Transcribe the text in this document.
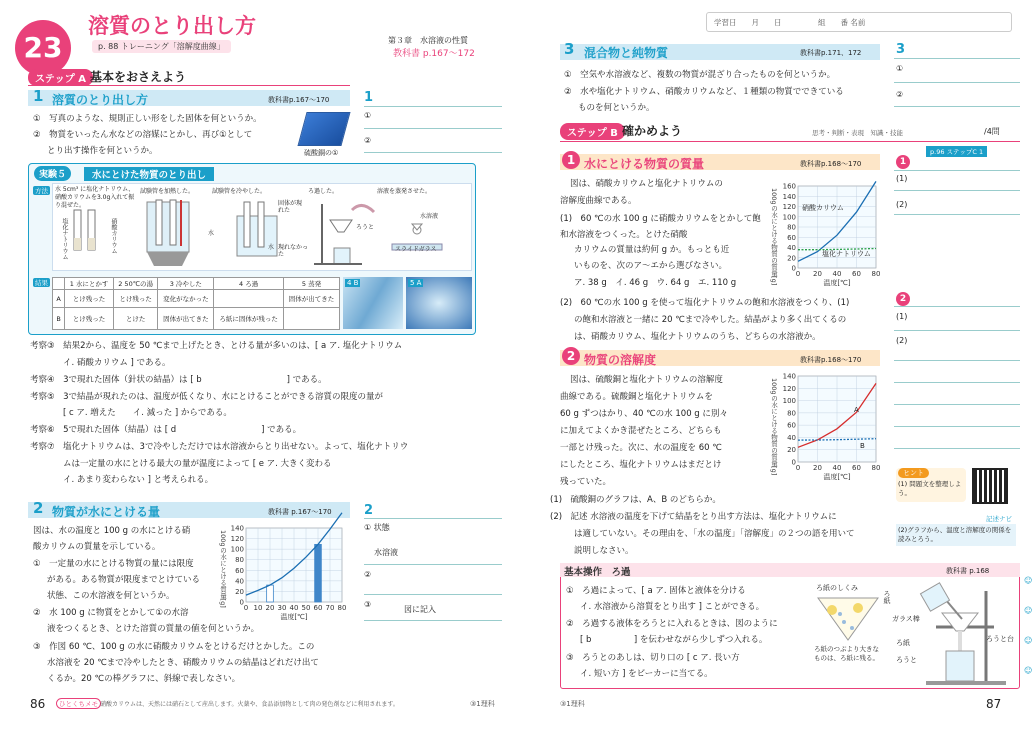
23
溶質のとり出し方
p. 88 トレーニング「溶解度曲線」
第３章　水溶液の性質
教科書 p.167～172
ステップ A 基本をおさえよう
1 溶質のとり出し方	教科書p.167～170
①　写真のような、規則正しい形をした固体を何というか。
②　物質をいったん水などの溶媒にとかし、再び①として
とり出す操作を何というか。	硫酸銅の①
1
①
②
実験５	水にとけた物質のとり出し
方法	水 5cm³ に塩化ナトリウム、硝酸カリウムを3.0g入れて振り混ぜた。
試験管を加熱した。	試験管を冷やした。	ろ過した。	溶液を蒸発させた。
塩化ナトリウム	硝酸カリウム	水
水
固体が現れた
現れなかった
ろうと
水溶液
スライドガラス
結果
		1 水にとかす	2 50℃の湯	3 冷やした	4 ろ過	5 蒸発
A	とけ残った	とけ残った	変化がなかった		固体が出てきた
B	とけ残った	とけた	固体が出てきた	ろ紙に固体が残った	
4 B	5 A
考察③　結果2から、温度を 50 ℃まで上げたとき、とける量が多いのは、[ a ア. 塩化ナトリウム
イ. 硝酸カリウム ] である。
考察④　3で現れた固体（針状の結晶）は [ b　　　　　　　　　　] である。
考察⑤　3で結晶が現れたのは、温度が低くなり、水にとけることができる溶質の限度の量が
[ c ア. 増えた　　イ. 減った ] からである。
考察⑥　5で現れた固体（結晶）は [ d　　　　　　　　　　] である。
考察⑦　塩化ナトリウムは、3で冷やしただけでは水溶液からとり出せない。よって、塩化ナトリウ
ムは一定量の水にとける最大の量が温度によって [ e ア. 大きく変わる
イ. あまり変わらない ] と考えられる。
2 物質が水にとける量	教科書 p.167～170
図は、水の温度と 100 g の水にとける硝
酸カリウムの質量を示している。
①　一定量の水にとける物質の量には限度
がある。ある物質が限度までとけている
状態、この水溶液を何というか。
②　水 100 g に物質をとかして①の水溶
液をつくるとき、とけた溶質の質量の値を何というか。
③　作図 60 ℃、100 g の水に硝酸カリウムをとけるだけとかした。この
水溶液を 20 ℃まで冷やしたとき、硝酸カリウムの結晶はどれだけ出て
くるか。20 ℃の棒グラフに、斜線で表しなさい。
0
20
40
60
80
100
120
140
0 10 20 30 40 50 60 70 80
温度[℃]
100gの水にとける質量[g]
2
① 状態
水溶液
②
③
図に記入
86	ひとくちメモ 硝酸カリウムは、天然には硝石として産出します。火薬や、食品添加物として肉の発色剤などに利用されます。	③1理科
学習日　　月　　日	組　　番 名前
3 混合物と純物質	教科書p.171、172
①　空気や水溶液など、複数の物質が混ざり合ったものを何というか。
②　水や塩化ナトリウム、硝酸カリウムなど、１種類の物質でできている
ものを何というか。
3
①
②
ステップ B 確かめよう	思考・判断・表現　知識・技能	/4問
p.96 ステップC 1
1 水にとける物質の質量	教科書p.168～170
図は、硝酸カリウムと塩化ナトリウムの
溶解度曲線である。
(1)　60 ℃の水 100 g に硝酸カリウムをとかして飽和水溶液をつくった。とけた硝酸
カリウムの質量は約何 g か。もっとも近
いものを、次のア～エから選びなさい。
ア. 38 g　イ. 46 g　ウ. 64 g　エ. 110 g
(2)　60 ℃の水 100 g を使って塩化ナトリウムの飽和水溶液をつくり、(1)
の飽和水溶液と一緒に 20 ℃まで冷やした。結晶がより多く出てくるの
は、硝酸カリウム、塩化ナトリウムのうち、どちらの水溶液か。
0
20
40
60
80
100
120
140
160
0 20 40 60 80
硝酸カリウム
塩化ナトリウム
温度[℃]
100gの水にとける物質の質量[g]
1
(1)
(2)
2 物質の溶解度	教科書p.168～170
図は、硫酸銅と塩化ナトリウムの溶解度
曲線である。硫酸銅と塩化ナトリウムを
60 g ずつはかり、40 ℃の水 100 g に別々
に加えてよくかき混ぜたところ、どちらも
一部とけ残った。次に、水の温度を 60 ℃
にしたところ、塩化ナトリウムはまだとけ
残っていた。
(1)　硫酸銅のグラフは、A、B のどちらか。
(2)　記述 水溶液の温度を下げて結晶をとり出す方法は、塩化ナトリウムに
は適していない。その理由を、「水の温度」「溶解度」の２つの語を用いて
説明しなさい。
0
20
40
60
80
100
120
140
0 20 40 60 80
A
B
温度[℃]
100gの水にとける物質の質量[g]
2
(1)
(2)
ヒント
(1) 問題文を整理しよう。
記述ナビ
(2)グラフから、温度と溶解度の関係を読みとろう。
基本操作　ろ過	教科書 p.168
①　ろ過によって、[ a ア. 固体と液体を分ける
イ. 水溶液から溶質をとり出す ] ことができる。
②　ろ過する液体をろうとに入れるときは、図のように
[ b　　　　　] を伝わせながら少しずつ入れる。
③　ろうとのあしは、切り口の [ c ア. 長い方
イ. 短い方 ] をビーカーに当てる。
ろ紙のしくみ
ろ紙
ろ紙のつぶより大きなものは、ろ紙に残る。
ガラス棒
ろ紙
ろうと
ろうと台
☺
☺
☺
☺
③1理科	87
